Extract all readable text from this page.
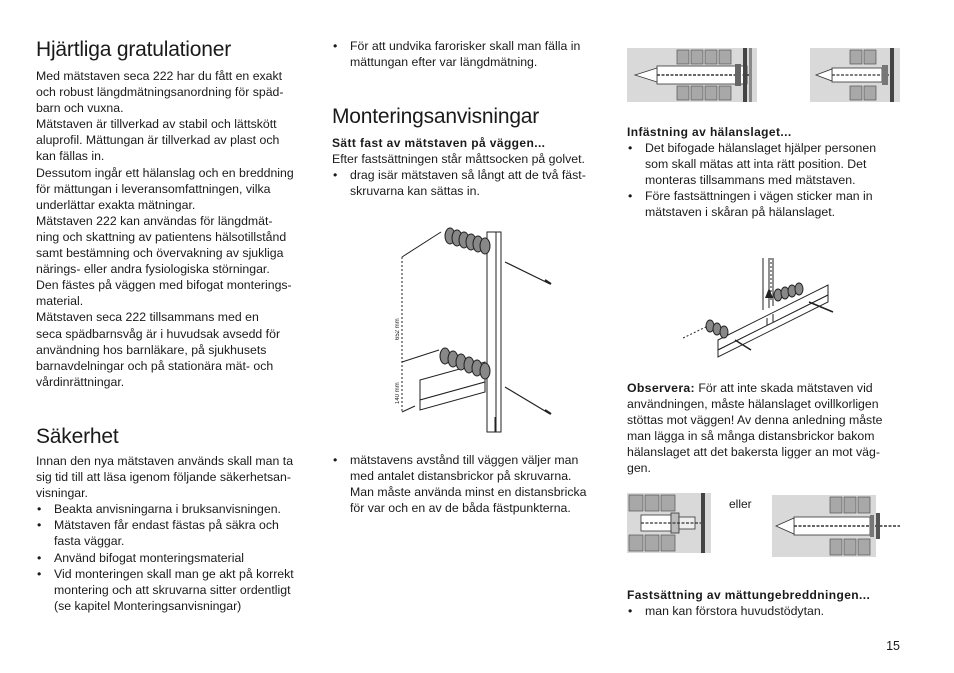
Hjärtliga gratulationer

Med mätstaven seca 222 har du fått en exakt

och robust längdmätningsanordning för späd-

barn och vuxna.

Mätstaven är tillverkad av stabil och lättskött

aluprofil. Mättungan är tillverkad av plast och

kan fällas in.

Dessutom ingår ett hälanslag och en breddning

för mättungan i leveransomfattningen, vilka

underlättar exakta mätningar.

Mätstaven 222 kan användas för längdmät-

ning och skattning av patientens hälsotillstånd

samt bestämning och övervakning av sjukliga

närings- eller andra fysiologiska störningar.

Den fästes på väggen med bifogat monterings-

material.

Mätstaven seca 222 tillsammans med en

seca spädbarnsvåg är i huvudsak avsedd för

användning hos barnläkare, på sjukhusets

barnavdelningar och på stationära mät- och

vårdinrättningar.

Säkerhet

Innan den nya mätstaven används skall man ta

sig tid till att läsa igenom följande säkerhetsan-

visningar.

• Beakta anvisningarna i bruksanvisningen.

• Mätstaven får endast fästas på säkra och

fasta väggar.

• Använd bifogat monteringsmaterial

• Vid monteringen skall man ge akt på korrekt

montering och att skruvarna sitter ordentligt

(se kapitel Monteringsanvisningar)

• För att undvika farorisker skall man fälla in

mättungan efter var längdmätning.

Monteringsanvisningar

Sätt fast av mätstaven på väggen...

Efter fastsättningen står måttsocken på golvet.

• drag isär mätstaven så långt att de två fäst-

skruvarna kan sättas in.

• mätstavens avstånd till väggen väljer man

med antalet distansbrickor på skruvarna.

Man måste använda minst en distansbricka

för var och en av de båda fästpunkterna.

652 mm
140 mm

Infästning av hälanslaget...

• Det bifogade hälanslaget hjälper personen

som skall mätas att inta rätt position. Det

monteras tillsammans med mätstaven.

• Före fastsättningen i vägen sticker man in

mätstaven i skåran på hälanslaget.

Observera: För att inte skada mätstaven vid

användningen, måste hälanslaget ovillkorligen

stöttas mot väggen! Av denna anledning måste

man lägga in så många distansbrickor bakom

hälanslaget att det bakersta ligger an mot väg-

gen.

Fastsättning av mättungebreddningen...

• man kan förstora huvudstödytan.

eller
15
